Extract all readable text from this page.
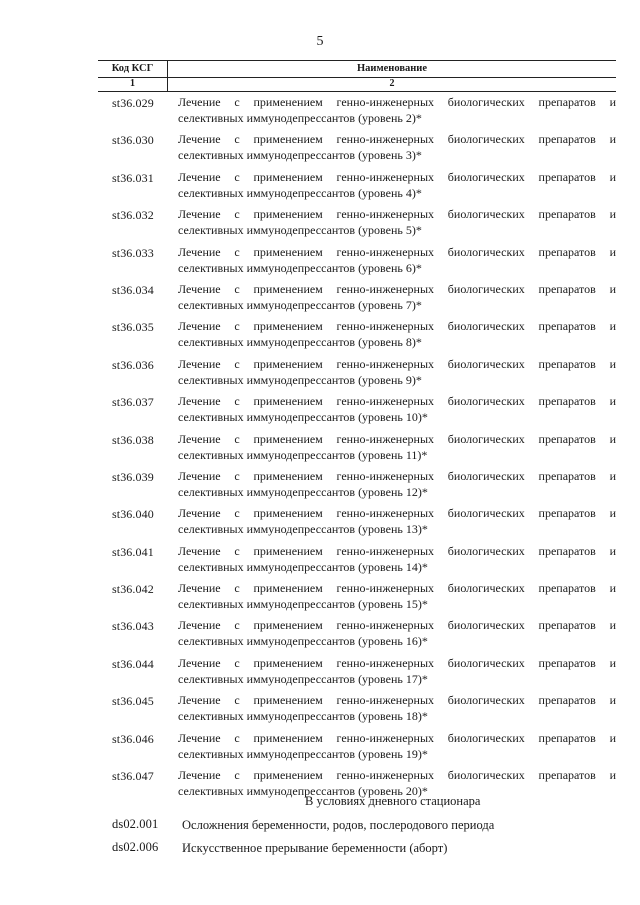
5
Код КСГ	Наименование
1	2
st36.029	Лечение с применением генно-инженерных биологических препаратов и селективных иммунодепрессантов (уровень 2)*
st36.030	Лечение с применением генно-инженерных биологических препаратов и селективных иммунодепрессантов (уровень 3)*
st36.031	Лечение с применением генно-инженерных биологических препаратов и селективных иммунодепрессантов (уровень 4)*
st36.032	Лечение с применением генно-инженерных биологических препаратов и селективных иммунодепрессантов (уровень 5)*
st36.033	Лечение с применением генно-инженерных биологических препаратов и селективных иммунодепрессантов (уровень 6)*
st36.034	Лечение с применением генно-инженерных биологических препаратов и селективных иммунодепрессантов (уровень 7)*
st36.035	Лечение с применением генно-инженерных биологических препаратов и селективных иммунодепрессантов (уровень 8)*
st36.036	Лечение с применением генно-инженерных биологических препаратов и селективных иммунодепрессантов (уровень 9)*
st36.037	Лечение с применением генно-инженерных биологических препаратов и селективных иммунодепрессантов (уровень 10)*
st36.038	Лечение с применением генно-инженерных биологических препаратов и селективных иммунодепрессантов (уровень 11)*
st36.039	Лечение с применением генно-инженерных биологических препаратов и селективных иммунодепрессантов (уровень 12)*
st36.040	Лечение с применением генно-инженерных биологических препаратов и селективных иммунодепрессантов (уровень 13)*
st36.041	Лечение с применением генно-инженерных биологических препаратов и селективных иммунодепрессантов (уровень 14)*
st36.042	Лечение с применением генно-инженерных биологических препаратов и селективных иммунодепрессантов (уровень 15)*
st36.043	Лечение с применением генно-инженерных биологических препаратов и селективных иммунодепрессантов (уровень 16)*
st36.044	Лечение с применением генно-инженерных биологических препаратов и селективных иммунодепрессантов (уровень 17)*
st36.045	Лечение с применением генно-инженерных биологических препаратов и селективных иммунодепрессантов (уровень 18)*
st36.046	Лечение с применением генно-инженерных биологических препаратов и селективных иммунодепрессантов (уровень 19)*
st36.047	Лечение с применением генно-инженерных биологических препаратов и селективных иммунодепрессантов (уровень 20)*
В условиях дневного стационара
ds02.001	Осложнения беременности, родов, послеродового периода
ds02.006	Искусственное прерывание беременности (аборт)
